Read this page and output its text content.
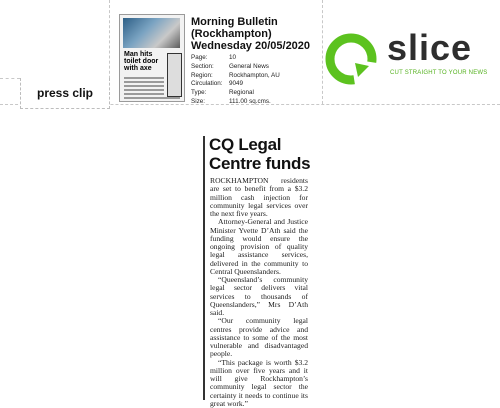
press clip
Man hits toilet door with axe
Morning Bulletin (Rockhampton)
Wednesday 20/05/2020
Page:	10
Section:	General News
Region:	Rockhampton, AU
Circulation:	9049
Type:	Regional
Size:	111.00 sq.cms.
slice
CUT STRAIGHT TO YOUR NEWS
CQ Legal Centre funds

ROCKHAMPTON residents are set to benefit from a $3.2 million cash injection for community legal services over the next five years.

Attorney-General and Justice Minister Yvette D’Ath said the funding would ensure the ongoing provision of quality legal assistance services, delivered in the community to Central Queenslanders.

“Queensland’s community legal sector delivers vital services to thousands of Queenslanders,” Mrs D’Ath said.

“Our community legal centres provide advice and assistance to some of the most vulnerable and disadvantaged people.

“This package is worth $3.2 million over five years and it will give Rockhampton’s community legal sector the certainty it needs to continue its great work.”
